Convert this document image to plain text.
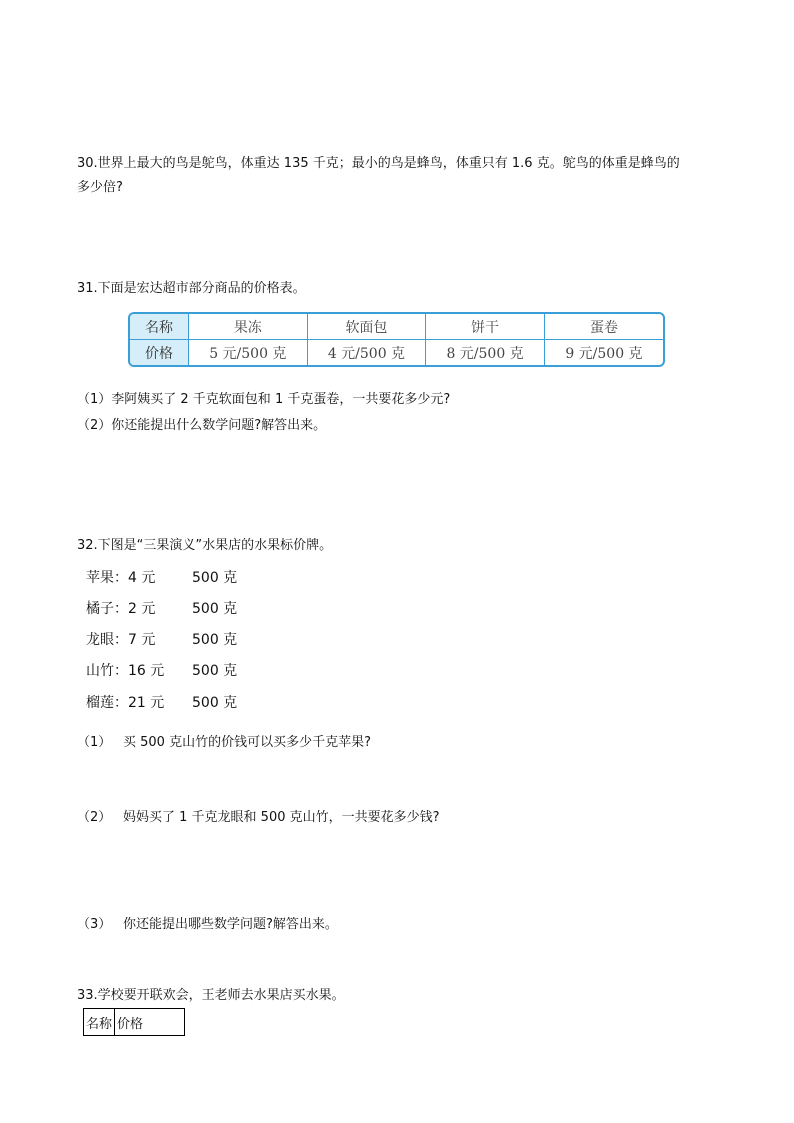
30.世界上最大的鸟是鸵鸟，体重达 135 千克；最小的鸟是蜂鸟，体重只有 1.6 克。鸵鸟的体重是蜂鸟的
多少倍?
31.下面是宏达超市部分商品的价格表。
名称	果冻	软面包	饼干	蛋卷
价格	5 元/500 克	4 元/500 克	8 元/500 克	9 元/500 克
（1）李阿姨买了 2 千克软面包和 1 千克蛋卷，一共要花多少元?
（2）你还能提出什么数学问题?解答出来。
32.下图是“三果演义”水果店的水果标价牌。
苹果：4 元	500 克
橘子：2 元	500 克
龙眼：7 元	500 克
山竹：16 元 500 克
榴莲：21 元 500 克
（1） 买 500 克山竹的价钱可以买多少千克苹果?
（2） 妈妈买了 1 千克龙眼和 500 克山竹，一共要花多少钱?
（3） 你还能提出哪些数学问题?解答出来。
33.学校要开联欢会，王老师去水果店买水果。
名称	价格
